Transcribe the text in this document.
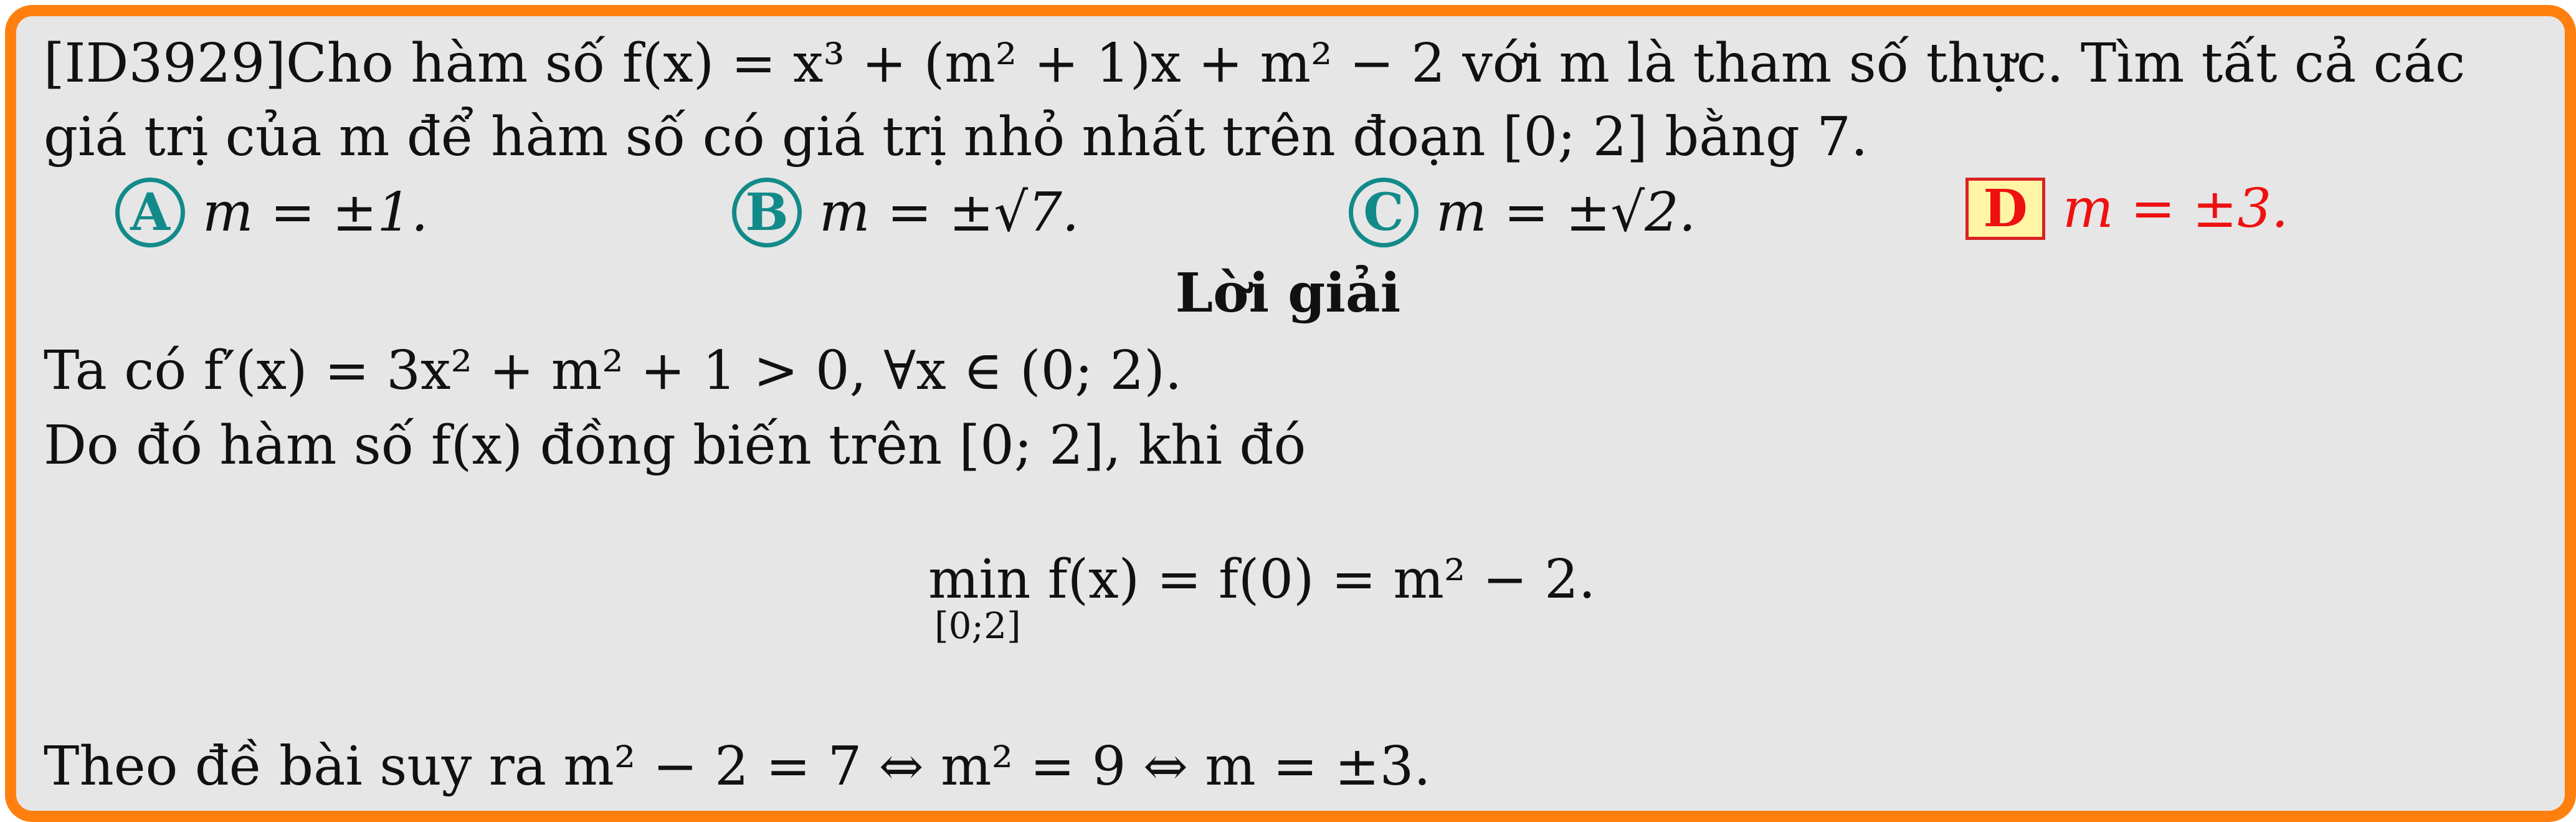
[ID3929]Cho hàm số f(x) = x³ + (m² + 1)x + m² − 2 với m là tham số thực. Tìm tất cả các
giá trị của m để hàm số có giá trị nhỏ nhất trên đoạn [0; 2] bằng 7.
A m = ±1.	B m = ±√7.	C m = ±√2.	D m = ±3.
Lời giải
Ta có f′(x) = 3x² + m² + 1 > 0, ∀x ∈ (0; 2).
Do đó hàm số f(x) đồng biến trên [0; 2], khi đó
min f(x) = f(0) = m² − 2.
[0;2]
Theo đề bài suy ra m² − 2 = 7 ⇔ m² = 9 ⇔ m = ±3.
